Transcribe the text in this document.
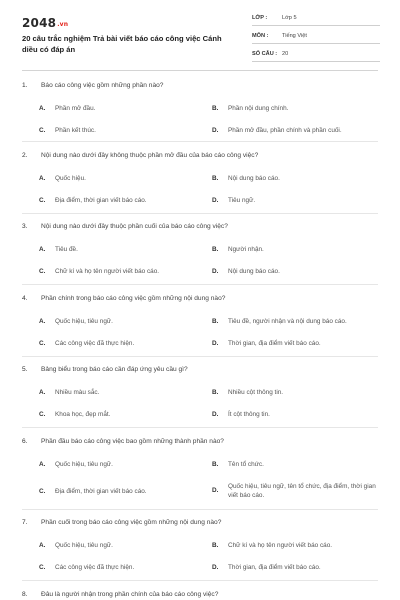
2048.vn
20 câu trắc nghiệm Trả bài viết báo cáo công việc Cánh diều có đáp án
LỚP :	Lớp 5
MÔN : Tiếng Việt
SỐ CÂU : 20
1. Báo cáo công việc gồm những phần nào?
A. Phần mở đầu.	B. Phần nội dung chính.
C. Phần kết thúc.	D. Phần mở đầu, phần chính và phần cuối.
2. Nội dung nào dưới đây không thuộc phần mở đầu của báo cáo công việc?
A. Quốc hiệu.	B. Nội dung báo cáo.
C. Địa điểm, thời gian viết báo cáo.	D. Tiêu ngữ.
3. Nội dung nào dưới đây thuộc phần cuối của báo cáo công việc?
A. Tiêu đề.	B. Người nhận.
C. Chữ kí và họ tên người viết báo cáo.	D. Nội dung báo cáo.
4. Phần chính trong báo cáo công việc gồm những nội dung nào?
A. Quốc hiệu, tiêu ngữ.	B. Tiêu đề, người nhận và nội dung báo cáo.
C. Các công việc đã thực hiện.	D. Thời gian, địa điểm viết báo cáo.
5. Bảng biểu trong báo cáo cần đáp ứng yêu cầu gì?
A. Nhiều màu sắc.	B. Nhiều cột thông tin.
C. Khoa học, đẹp mắt.	D. Ít cột thông tin.
6. Phần đầu báo cáo công việc bao gồm những thành phần nào?
A. Quốc hiệu, tiêu ngữ.	B. Tên tổ chức.
C. Địa điểm, thời gian viết báo cáo.	D.
Quốc hiệu, tiêu ngữ, tên tổ chức, địa điểm, thời gian viết báo cáo.
7. Phần cuối trong báo cáo công việc gồm những nội dung nào?
A. Quốc hiệu, tiêu ngữ.	B. Chữ kí và họ tên người viết báo cáo.
C. Các công việc đã thực hiện.	D. Thời gian, địa điểm viết báo cáo.
8. Đâu là người nhận trong phần chính của báo cáo công việc?
